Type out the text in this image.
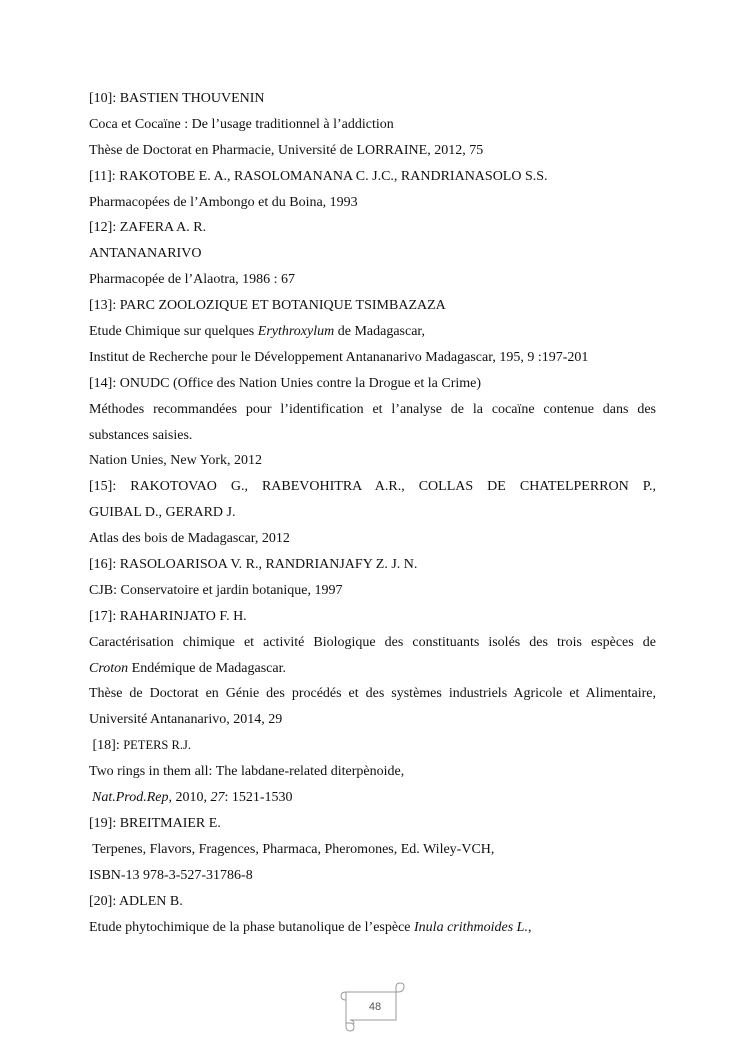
[10]: BASTIEN THOUVENIN
Coca et Cocaïne : De l’usage traditionnel à l’addiction
Thèse de Doctorat en Pharmacie, Université de LORRAINE, 2012, 75
[11]: RAKOTOBE E. A., RASOLOMANANA C. J.C., RANDRIANASOLO S.S.
Pharmacopées de l’Ambongo et du Boina, 1993
[12]: ZAFERA A. R.
ANTANANARIVO
Pharmacopée de l’Alaotra, 1986 : 67
[13]: PARC ZOOLOZIQUE ET BOTANIQUE TSIMBAZAZA
Etude Chimique sur quelques Erythroxylum de Madagascar,
Institut de Recherche pour le Développement Antananarivo Madagascar, 195, 9 :197-201
[14]: ONUDC (Office des Nation Unies contre la Drogue et la Crime)
Méthodes recommandées pour l’identification et l’analyse de la cocaïne contenue dans des
substances saisies.
Nation Unies, New York, 2012
[15]: RAKOTOVAO G., RABEVOHITRA A.R., COLLAS DE CHATELPERRON P.,
GUIBAL D., GERARD J.
Atlas des bois de Madagascar, 2012
[16]: RASOLOARISOA V. R., RANDRIANJAFY Z. J. N.
CJB: Conservatoire et jardin botanique, 1997
[17]: RAHARINJATO F. H.
Caractérisation chimique et activité Biologique des constituants isolés des trois espèces de
Croton Endémique de Madagascar.
Thèse de Doctorat en Génie des procédés et des systèmes industriels Agricole et Alimentaire,
Université Antananarivo, 2014, 29
[18]: PETERS R.J.
Two rings in them all: The labdane-related diterpènoide,
Nat.Prod.Rep, 2010, 27: 1521-1530
[19]: BREITMAIER E.
Terpenes, Flavors, Fragences, Pharmaca, Pheromones, Ed. Wiley-VCH,
ISBN-13 978-3-527-31786-8
[20]: ADLEN B.
Etude phytochimique de la phase butanolique de l’espèce Inula crithmoides L.,
48
